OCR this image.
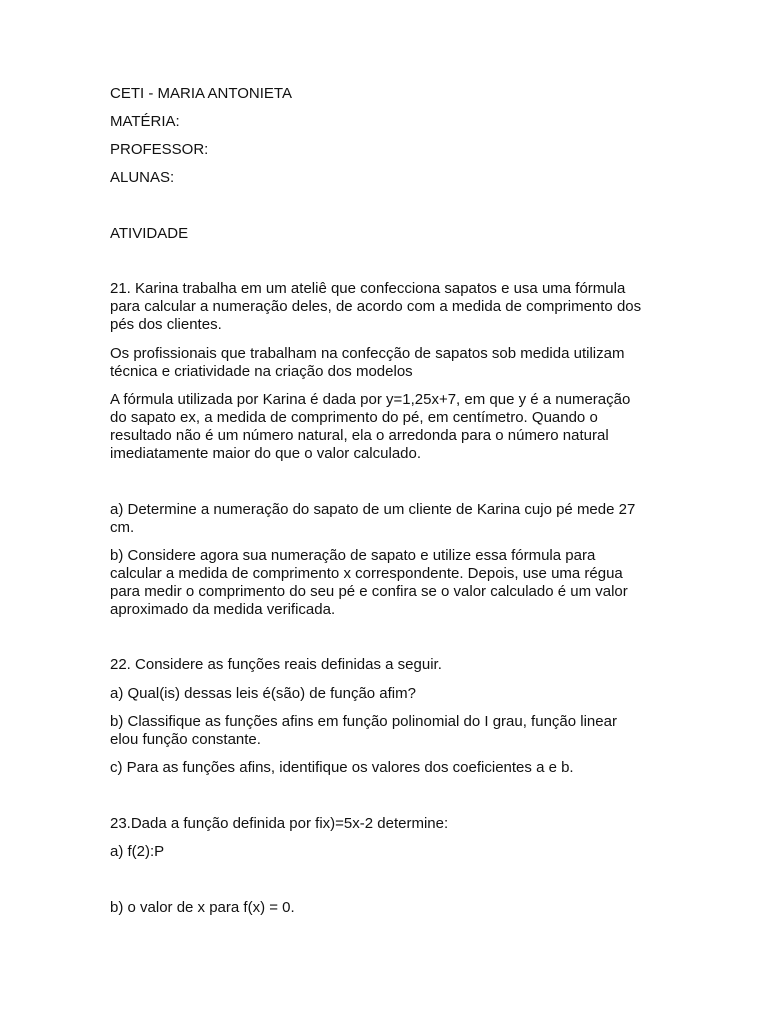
CETI - MARIA ANTONIETA

MATÉRIA:

PROFESSOR:

ALUNAS:

ATIVIDADE

21. Karina trabalha em um ateliê que confecciona sapatos e usa uma fórmula

para calcular a numeração deles, de acordo com a medida de comprimento dos

pés dos clientes.

Os profissionais que trabalham na confecção de sapatos sob medida utilizam

técnica e criatividade na criação dos modelos

A fórmula utilizada por Karina é dada por y=1,25x+7, em que y é a numeração

do sapato ex, a medida de comprimento do pé, em centímetro. Quando o

resultado não é um número natural, ela o arredonda para o número natural

imediatamente maior do que o valor calculado.

a) Determine a numeração do sapato de um cliente de Karina cujo pé mede 27

cm.

b) Considere agora sua numeração de sapato e utilize essa fórmula para

calcular a medida de comprimento x correspondente. Depois, use uma régua

para medir o comprimento do seu pé e confira se o valor calculado é um valor

aproximado da medida verificada.

22. Considere as funções reais definidas a seguir.

a) Qual(is) dessas leis é(são) de função afim?

b) Classifique as funções afins em função polinomial do I grau, função linear

elou função constante.

c) Para as funções afins, identifique os valores dos coeficientes a e b.

23.Dada a função definida por fix)=5x-2 determine:

a) f(2):P

b) o valor de x para f(x) = 0.
